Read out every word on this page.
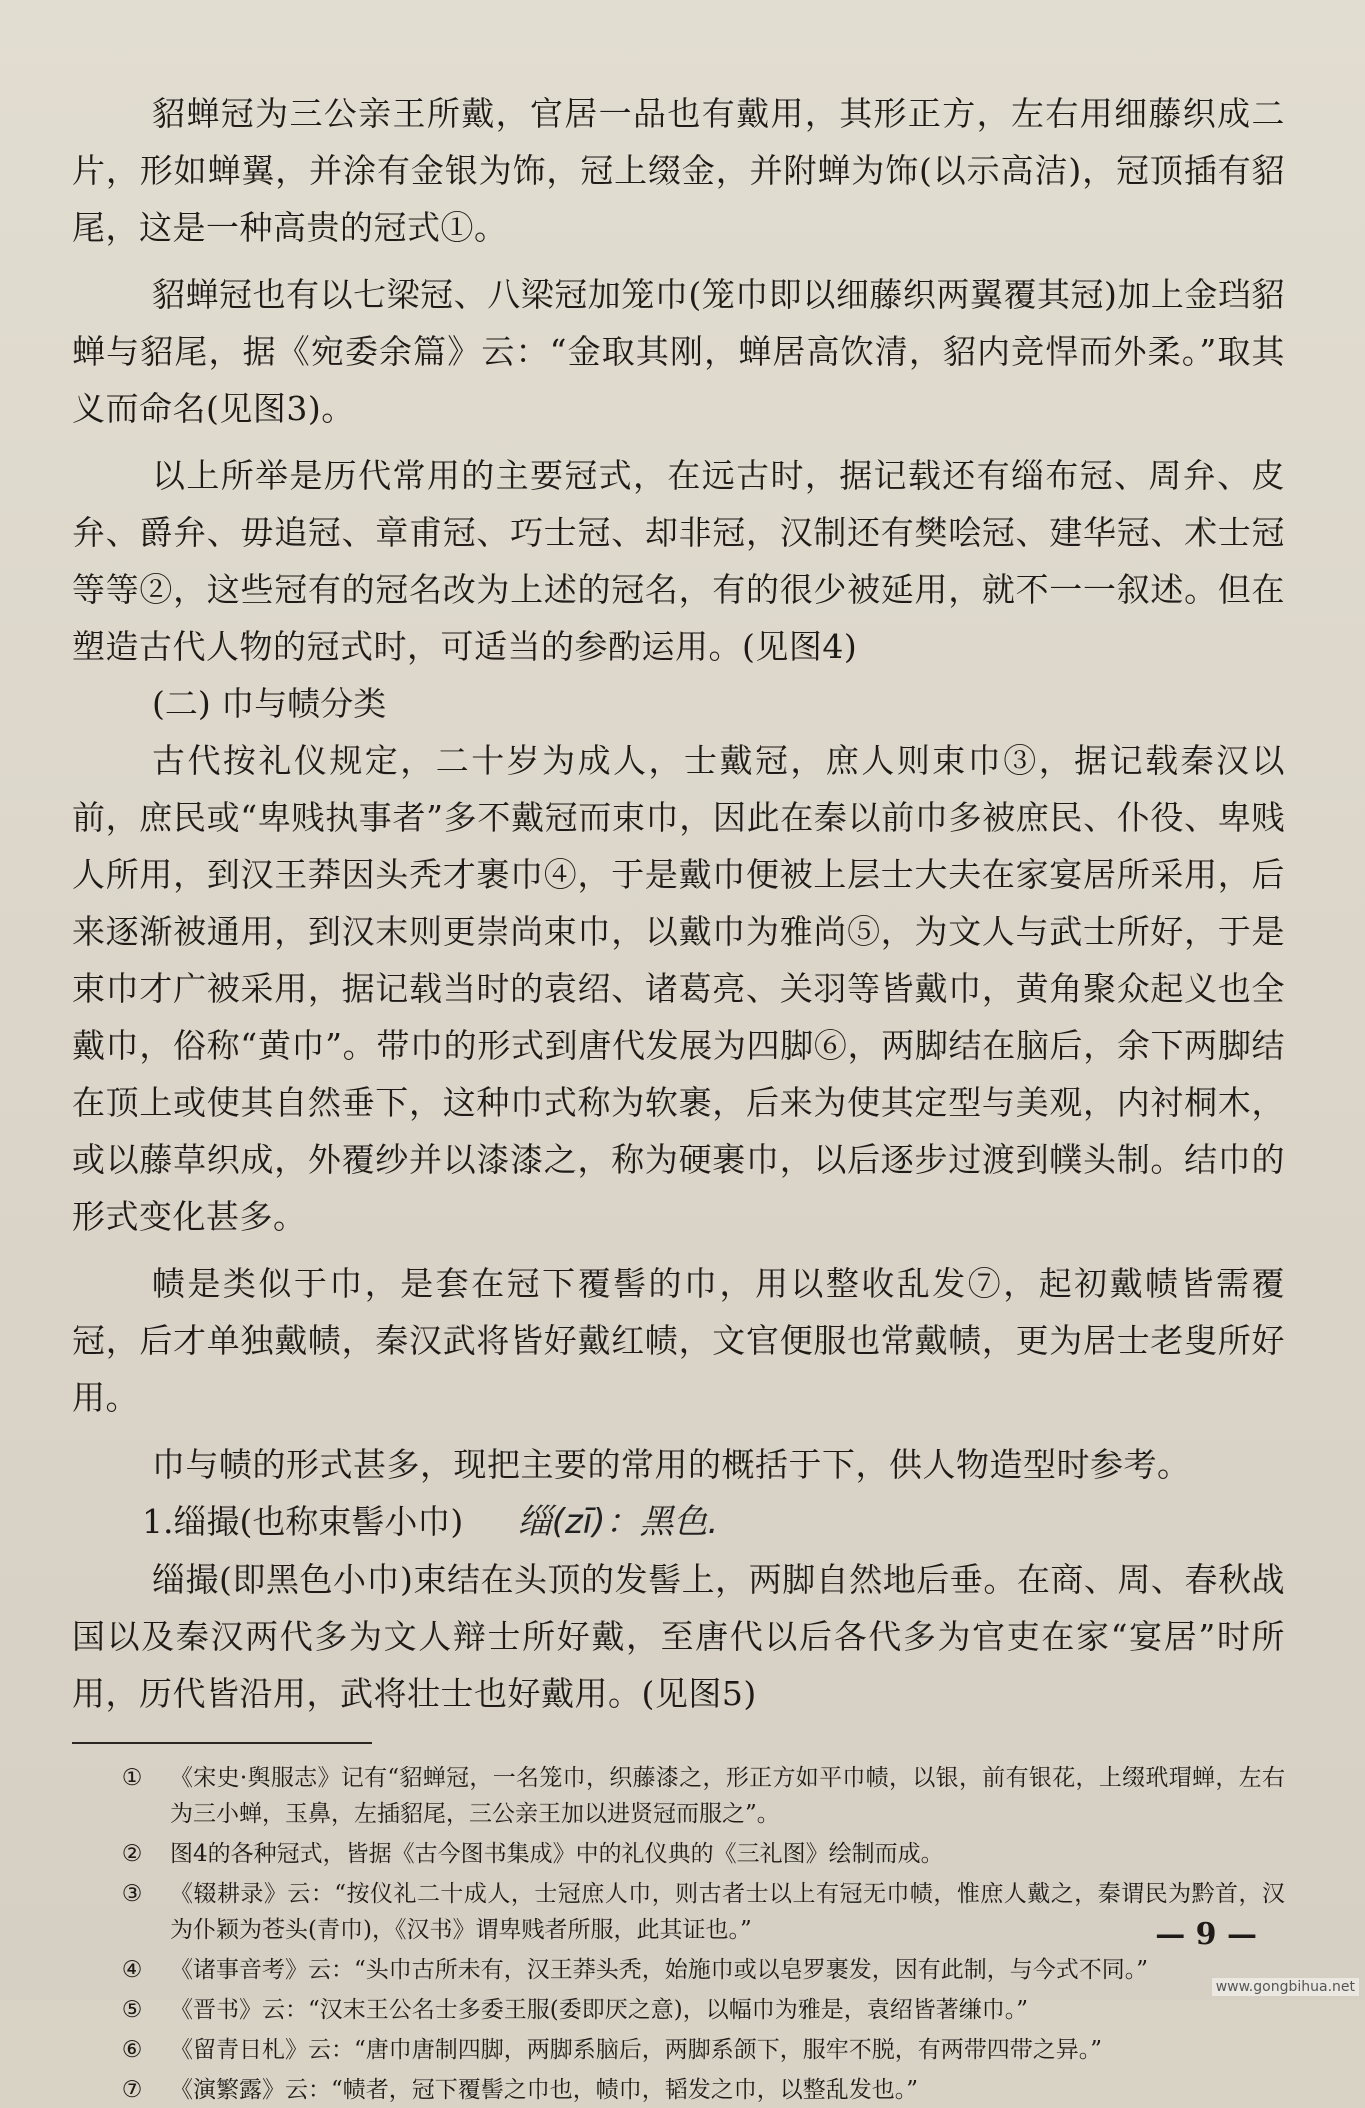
貂蝉冠为三公亲王所戴，官居一品也有戴用，其形正方，左右用细藤织成二片，形如蝉翼，并涂有金银为饰，冠上缀金，并附蝉为饰(以示高洁)，冠顶插有貂尾，这是一种高贵的冠式①。

貂蝉冠也有以七梁冠、八梁冠加笼巾(笼巾即以细藤织两翼覆其冠)加上金珰貂蝉与貂尾，据《宛委余篇》云：“金取其刚，蝉居高饮清，貂内竞悍而外柔。”取其义而命名(见图3)。

以上所举是历代常用的主要冠式，在远古时，据记载还有缁布冠、周弁、皮弁、爵弁、毋追冠、章甫冠、巧士冠、却非冠，汉制还有樊哙冠、建华冠、术士冠等等②，这些冠有的冠名改为上述的冠名，有的很少被延用，就不一一叙述。但在塑造古代人物的冠式时，可适当的参酌运用。(见图4)

(二) 巾与帻分类

古代按礼仪规定，二十岁为成人，士戴冠，庶人则束巾③，据记载秦汉以前，庶民或“卑贱执事者”多不戴冠而束巾，因此在秦以前巾多被庶民、仆役、卑贱人所用，到汉王莽因头秃才裹巾④，于是戴巾便被上层士大夫在家宴居所采用，后来逐渐被通用，到汉末则更崇尚束巾，以戴巾为雅尚⑤，为文人与武士所好，于是束巾才广被采用，据记载当时的袁绍、诸葛亮、关羽等皆戴巾，黄角聚众起义也全戴巾，俗称“黄巾”。带巾的形式到唐代发展为四脚⑥，两脚结在脑后，余下两脚结在顶上或使其自然垂下，这种巾式称为软裹，后来为使其定型与美观，内衬桐木，或以藤草织成，外覆纱并以漆漆之，称为硬裹巾，以后逐步过渡到幞头制。结巾的形式变化甚多。

帻是类似于巾，是套在冠下覆髻的巾，用以整收乱发⑦，起初戴帻皆需覆冠，后才单独戴帻，秦汉武将皆好戴红帻，文官便服也常戴帻，更为居士老叟所好用。

巾与帻的形式甚多，现把主要的常用的概括于下，供人物造型时参考。

1.缁撮(也称束髻小巾) 缁(zī)：黑色.

缁撮(即黑色小巾)束结在头顶的发髻上，两脚自然地后垂。在商、周、春秋战国以及秦汉两代多为文人辩士所好戴，至唐代以后各代多为官吏在家“宴居”时所用，历代皆沿用，武将壮士也好戴用。(见图5)

①	《宋史·舆服志》记有“貂蝉冠，一名笼巾，织藤漆之，形正方如平巾帻，以银，前有银花，上缀玳瑁蝉，左右为三小蝉，玉鼻，左插貂尾，三公亲王加以进贤冠而服之”。
②	图4的各种冠式，皆据《古今图书集成》中的礼仪典的《三礼图》绘制而成。
③	《辍耕录》云：“按仪礼二十成人，士冠庶人巾，则古者士以上有冠无巾帻，惟庶人戴之，秦谓民为黔首，汉为仆颖为苍头(青巾)，《汉书》谓卑贱者所服，此其证也。”
④	《诸事音考》云：“头巾古所未有，汉王莽头秃，始施巾或以皂罗裹发，因有此制，与今式不同。”
⑤	《晋书》云：“汉末王公名士多委王服(委即厌之意)，以幅巾为雅是，袁绍皆著缣巾。”
⑥	《留青日札》云：“唐巾唐制四脚，两脚系脑后，两脚系颌下，服牢不脱，有两带四带之异。”
⑦	《演繁露》云：“帻者，冠下覆髻之巾也，帻巾，韬发之巾，以整乱发也。”
— 9 —
www.gongbihua.net
